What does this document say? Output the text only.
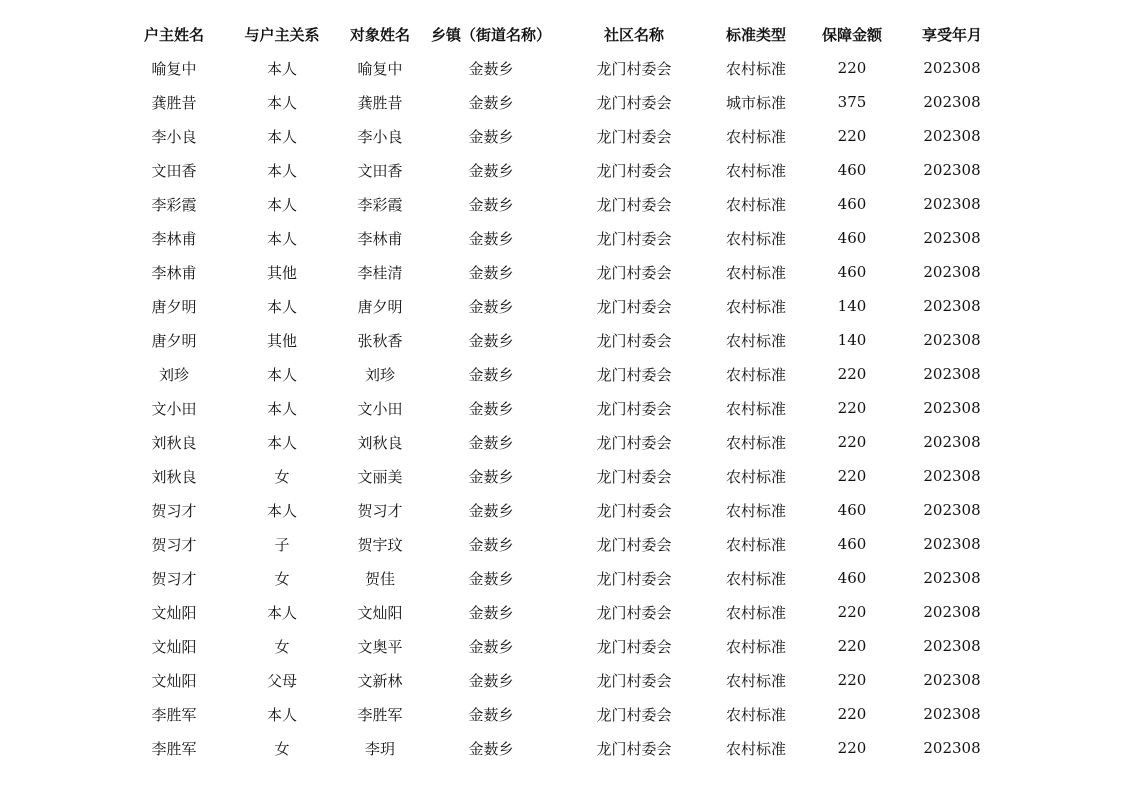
户主姓名	与户主关系	对象姓名	乡镇（街道名称）	社区名称	标准类型	保障金额	享受年月
喻复中	本人	喻复中	金薮乡	龙门村委会	农村标准	220	202308
龚胜昔	本人	龚胜昔	金薮乡	龙门村委会	城市标准	375	202308
李小良	本人	李小良	金薮乡	龙门村委会	农村标准	220	202308
文田香	本人	文田香	金薮乡	龙门村委会	农村标准	460	202308
李彩霞	本人	李彩霞	金薮乡	龙门村委会	农村标准	460	202308
李林甫	本人	李林甫	金薮乡	龙门村委会	农村标准	460	202308
李林甫	其他	李桂清	金薮乡	龙门村委会	农村标准	460	202308
唐夕明	本人	唐夕明	金薮乡	龙门村委会	农村标准	140	202308
唐夕明	其他	张秋香	金薮乡	龙门村委会	农村标准	140	202308
刘珍	本人	刘珍	金薮乡	龙门村委会	农村标准	220	202308
文小田	本人	文小田	金薮乡	龙门村委会	农村标准	220	202308
刘秋良	本人	刘秋良	金薮乡	龙门村委会	农村标准	220	202308
刘秋良	女	文丽美	金薮乡	龙门村委会	农村标准	220	202308
贺习才	本人	贺习才	金薮乡	龙门村委会	农村标准	460	202308
贺习才	子	贺宇玟	金薮乡	龙门村委会	农村标准	460	202308
贺习才	女	贺佳	金薮乡	龙门村委会	农村标准	460	202308
文灿阳	本人	文灿阳	金薮乡	龙门村委会	农村标准	220	202308
文灿阳	女	文奥平	金薮乡	龙门村委会	农村标准	220	202308
文灿阳	父母	文新林	金薮乡	龙门村委会	农村标准	220	202308
李胜军	本人	李胜军	金薮乡	龙门村委会	农村标准	220	202308
李胜军	女	李玥	金薮乡	龙门村委会	农村标准	220	202308
